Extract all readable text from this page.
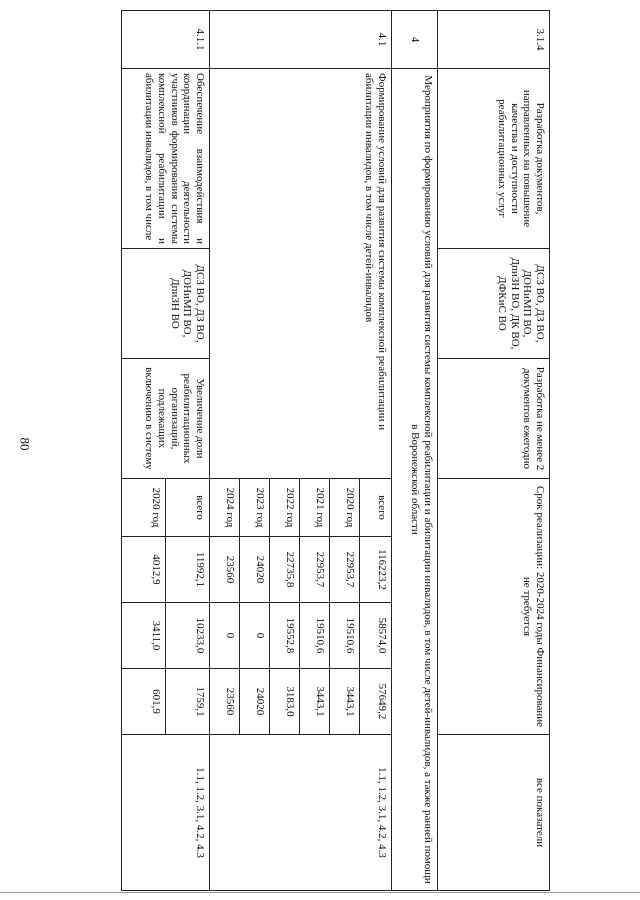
80
3.1.4	Разработка документов, направленных на повышение качества и доступности реабилитационных услуг	ДСЗ ВО, ДЗ ВО, ДОНиМП ВО, ДпиЗН ВО, ДК ВО, ДФКиС ВО	Разработка не менее 2 документов ежегодно	Срок реализации: 2020-2024 годы Финансирование не требуется				все показатели
4	Мероприятия по формированию условий для развития системы комплексной реабилитации и абилитации инвалидов, в том числе детей-инвалидов, а также ранней помощи в Воронежской области							
4.1	Формирование условий для развития системы комплексной реабилитации и абилитации инвалидов, в том числе детей-инвалидов			всего	116223,2	58574,0	57649,2	1.1, 1.2, 3.1, 4.2, 4.3
				2020 год	22953,7	19510,6	3443,1	
				2021 год	22953,7	19510,6	3443,1	
				2022 год	22735,8	19552,8	3183,0	
				2023 год	24020	0	24020	
				2024 год	23560	0	23560	
4.1.1	Обеспечение взаимодействия и координации деятельности участников формирования системы комплексной реабилитации и абилитации инвалидов, в том числе	ДСЗ ВО, ДЗ ВО, ДОНиМП ВО, ДпиЗН ВО	Увеличение доли реабилитационных организаций, подлежащих включению в систему	всего	11992,1	10233,0	1759,1	1.1, 1.2, 3.1, 4.2, 4.3
				2020 год	4012,9	3411,0	601,9	
